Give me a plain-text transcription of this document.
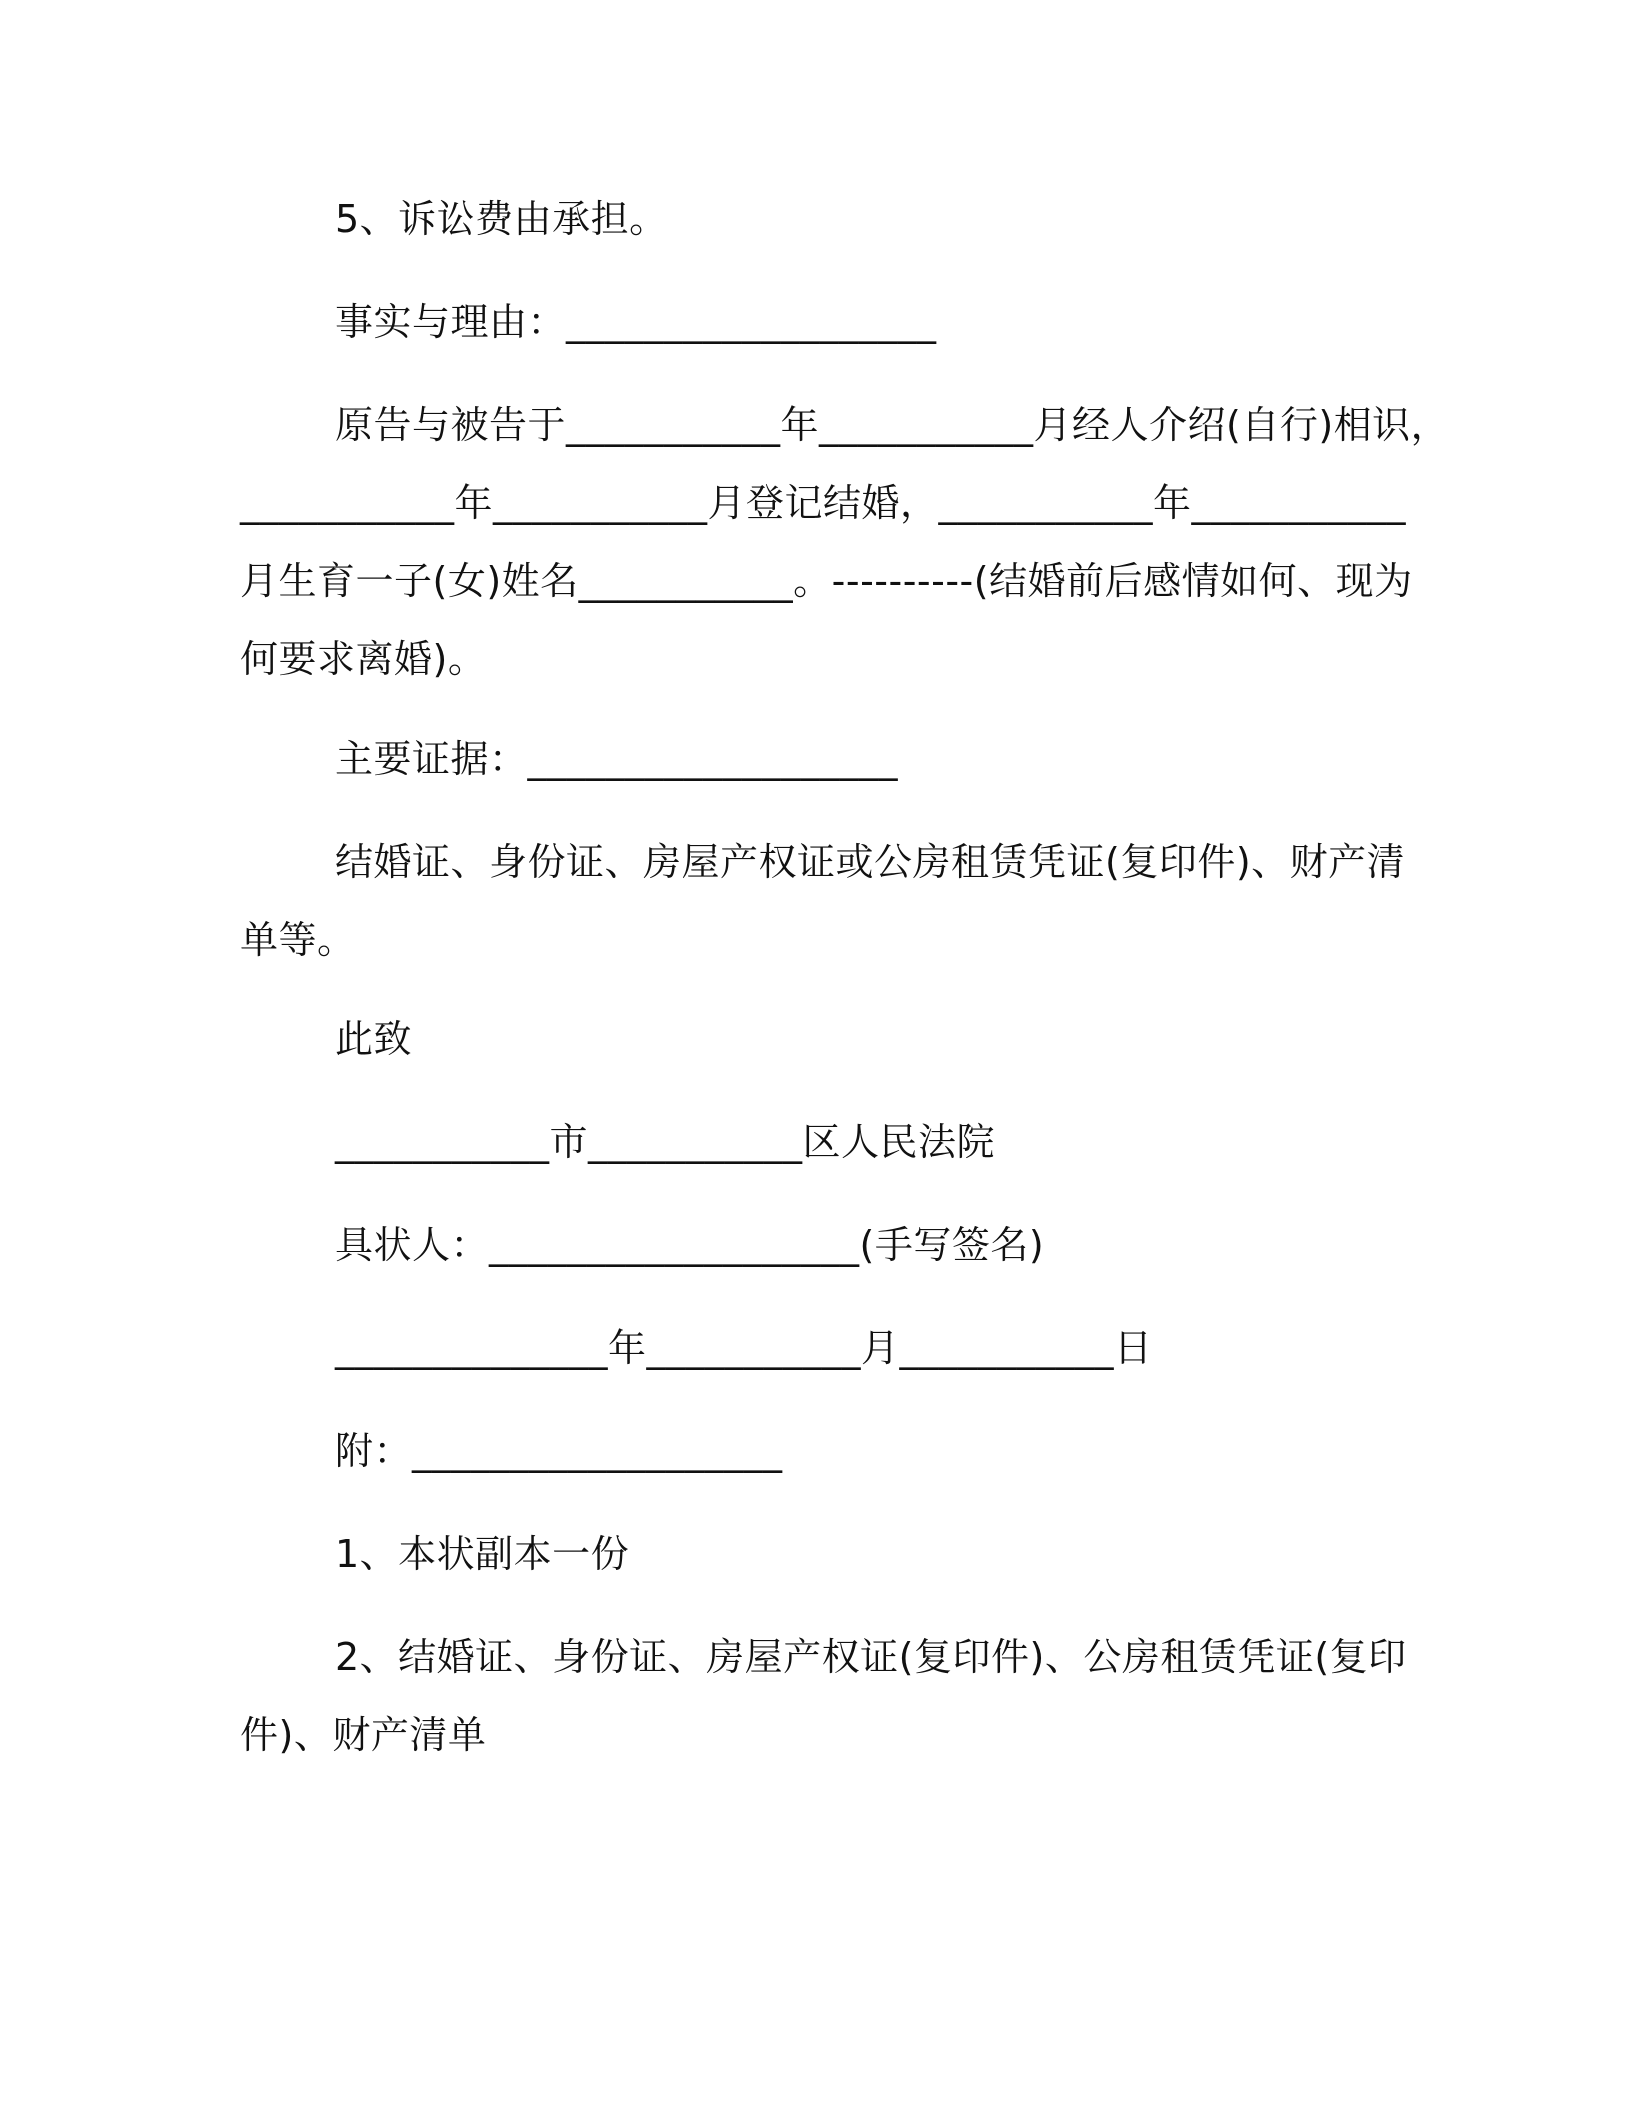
5、诉讼费由承担。
事实与理由：___________________
原告与被告于___________年___________月经人介绍(自行)相识，
___________年___________月登记结婚，___________年___________
月生育一子(女)姓名___________。----------(结婚前后感情如何、现为
何要求离婚)。
主要证据：___________________
结婚证、身份证、房屋产权证或公房租赁凭证(复印件)、财产清
单等。
此致
___________市___________区人民法院
具状人：___________________(手写签名)
______________年___________月___________日
附：___________________
1、本状副本一份
2、结婚证、身份证、房屋产权证(复印件)、公房租赁凭证(复印
件)、财产清单
